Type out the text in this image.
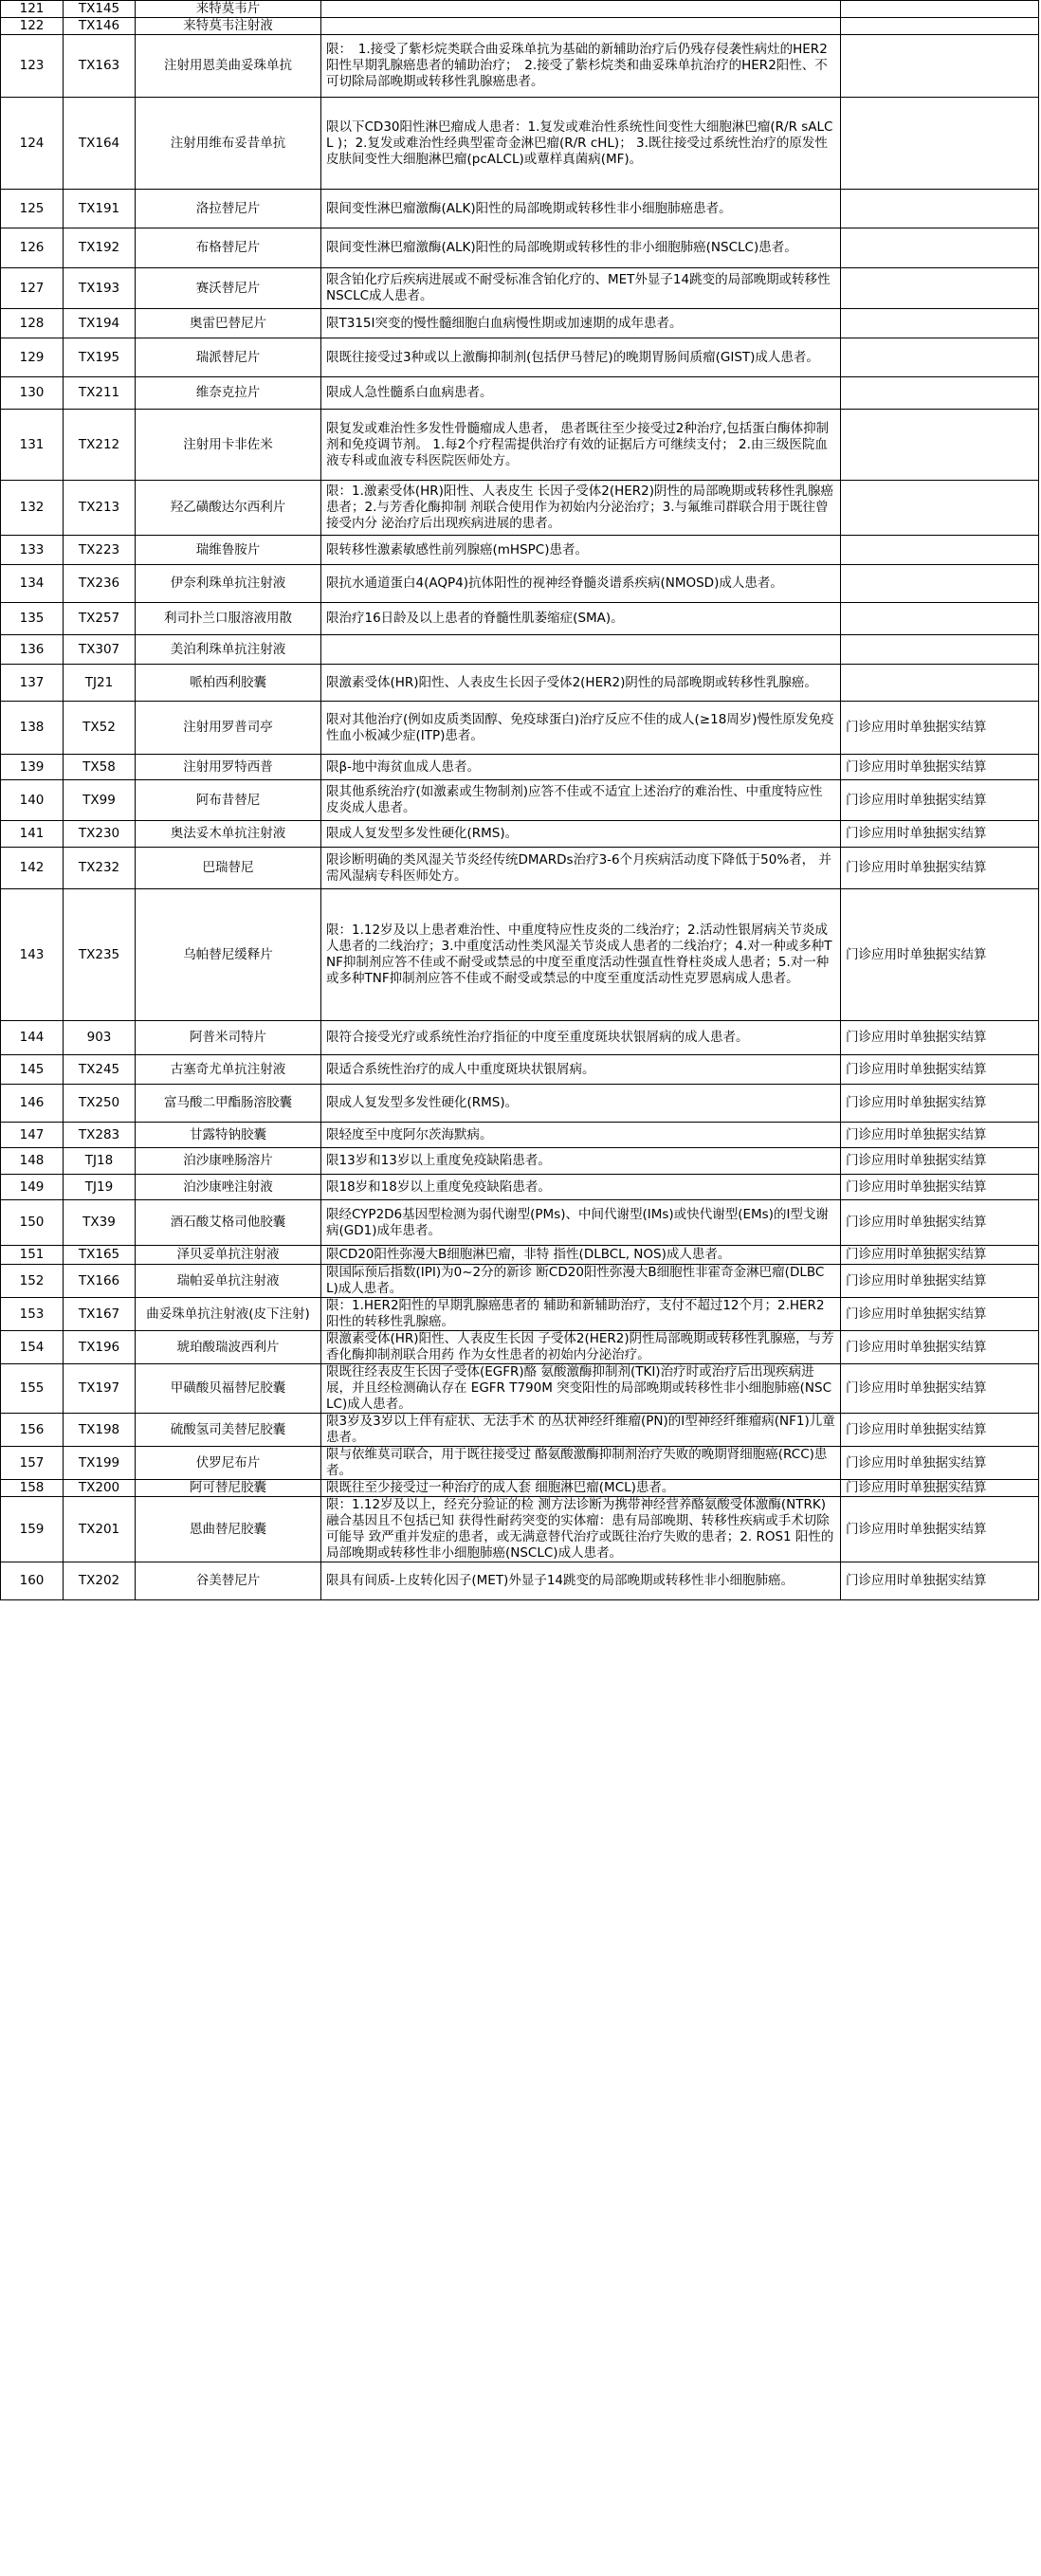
121	TX145	来特莫韦片		
122	TX146	来特莫韦注射液		
123	TX163	注射用恩美曲妥珠单抗	限：　1.接受了紫杉烷类联合曲妥珠单抗为基础的新辅助治疗后仍残存侵袭性病灶的HER2阳性早期乳腺癌患者的辅助治疗；　2.接受了紫杉烷类和曲妥珠单抗治疗的HER2阳性、不可切除局部晚期或转移性乳腺癌患者。	
124	TX164	注射用维布妥昔单抗	限以下CD30阳性淋巴瘤成人患者：1.复发或难治性系统性间变性大细胞淋巴瘤(R/R sALCL )；2.复发或难治性经典型霍奇金淋巴瘤(R/R cHL)； 3.既往接受过系统性治疗的原发性皮肤间变性大细胞淋巴瘤(pcALCL)或蕈样真菌病(MF)。	
125	TX191	洛拉替尼片	限间变性淋巴瘤激酶(ALK)阳性的局部晚期或转移性非小细胞肺癌患者。	
126	TX192	布格替尼片	限间变性淋巴瘤激酶(ALK)阳性的局部晚期或转移性的非小细胞肺癌(NSCLC)患者。	
127	TX193	赛沃替尼片	限含铂化疗后疾病进展或不耐受标准含铂化疗的、MET外显子14跳变的局部晚期或转移性NSCLC成人患者。	
128	TX194	奥雷巴替尼片	限T315I突变的慢性髓细胞白血病慢性期或加速期的成年患者。	
129	TX195	瑞派替尼片	限既往接受过3种或以上激酶抑制剂(包括伊马替尼)的晚期胃肠间质瘤(GIST)成人患者。	
130	TX211	维奈克拉片	限成人急性髓系白血病患者。	
131	TX212	注射用卡非佐米	限复发或难治性多发性骨髓瘤成人患者， 患者既往至少接受过2种治疗,包括蛋白酶体抑制剂和免疫调节剂。 1.每2个疗程需提供治疗有效的证据后方可继续支付； 2.由三级医院血液专科或血液专科医院医师处方。	
132	TX213	羟乙磺酸达尔西利片	限：1.激素受体(HR)阳性、人表皮生 长因子受体2(HER2)阴性的局部晚期或转移性乳腺癌患者；2.与芳香化酶抑制 剂联合使用作为初始内分泌治疗；3.与氟维司群联合用于既往曾接受内分 泌治疗后出现疾病进展的患者。	
133	TX223	瑞维鲁胺片	限转移性激素敏感性前列腺癌(mHSPC)患者。	
134	TX236	伊奈利珠单抗注射液	限抗水通道蛋白4(AQP4)抗体阳性的视神经脊髓炎谱系疾病(NMOSD)成人患者。	
135	TX257	利司扑兰口服溶液用散	限治疗16日龄及以上患者的脊髓性肌萎缩症(SMA)。	
136	TX307	美泊利珠单抗注射液		
137	TJ21	哌柏西利胶囊	限激素受体(HR)阳性、人表皮生长因子受体2(HER2)阴性的局部晚期或转移性乳腺癌。	
138	TX52	注射用罗普司亭	限对其他治疗(例如皮质类固醇、免疫球蛋白)治疗反应不佳的成人(≥18周岁)慢性原发免疫性血小板减少症(ITP)患者。	门诊应用时单独据实结算
139	TX58	注射用罗特西普	限β-地中海贫血成人患者。	门诊应用时单独据实结算
140	TX99	阿布昔替尼	限其他系统治疗(如激素或生物制剂)应答不佳或不适宜上述治疗的难治性、中重度特应性皮炎成人患者。	门诊应用时单独据实结算
141	TX230	奥法妥木单抗注射液	限成人复发型多发性硬化(RMS)。	门诊应用时单独据实结算
142	TX232	巴瑞替尼	限诊断明确的类风湿关节炎经传统DMARDs治疗3-6个月疾病活动度下降低于50%者， 并需风湿病专科医师处方。	门诊应用时单独据实结算
143	TX235	乌帕替尼缓释片	限：1.12岁及以上患者难治性、中重度特应性皮炎的二线治疗；2.活动性银屑病关节炎成人患者的二线治疗；3.中重度活动性类风湿关节炎成人患者的二线治疗；4.对一种或多种TNF抑制剂应答不佳或不耐受或禁忌的中度至重度活动性强直性脊柱炎成人患者；5.对一种或多种TNF抑制剂应答不佳或不耐受或禁忌的中度至重度活动性克罗恩病成人患者。	门诊应用时单独据实结算
144	903	阿普米司特片	限符合接受光疗或系统性治疗指征的中度至重度斑块状银屑病的成人患者。	门诊应用时单独据实结算
145	TX245	古塞奇尤单抗注射液	限适合系统性治疗的成人中重度斑块状银屑病。	门诊应用时单独据实结算
146	TX250	富马酸二甲酯肠溶胶囊	限成人复发型多发性硬化(RMS)。	门诊应用时单独据实结算
147	TX283	甘露特钠胶囊	限轻度至中度阿尔茨海默病。	门诊应用时单独据实结算
148	TJ18	泊沙康唑肠溶片	限13岁和13岁以上重度免疫缺陷患者。	门诊应用时单独据实结算
149	TJ19	泊沙康唑注射液	限18岁和18岁以上重度免疫缺陷患者。	门诊应用时单独据实结算
150	TX39	酒石酸艾格司他胶囊	限经CYP2D6基因型检测为弱代谢型(PMs)、中间代谢型(IMs)或快代谢型(EMs)的Ⅰ型戈谢病(GD1)成年患者。	门诊应用时单独据实结算
151	TX165	泽贝妥单抗注射液	限CD20阳性弥漫大B细胞淋巴瘤，非特 指性(DLBCL, NOS)成人患者。	门诊应用时单独据实结算
152	TX166	瑞帕妥单抗注射液	限国际预后指数(IPI)为0~2分的新诊 断CD20阳性弥漫大B细胞性非霍奇金淋巴瘤(DLBCL)成人患者。	门诊应用时单独据实结算
153	TX167	曲妥珠单抗注射液(皮下注射)	限：1.HER2阳性的早期乳腺癌患者的 辅助和新辅助治疗，支付不超过12个月；2.HER2阳性的转移性乳腺癌。	门诊应用时单独据实结算
154	TX196	琥珀酸瑞波西利片	限激素受体(HR)阳性、人表皮生长因 子受体2(HER2)阴性局部晚期或转移性乳腺癌，与芳香化酶抑制剂联合用药 作为女性患者的初始内分泌治疗。	门诊应用时单独据实结算
155	TX197	甲磺酸贝福替尼胶囊	限既往经表皮生长因子受体(EGFR)酪 氨酸激酶抑制剂(TKI)治疗时或治疗后出现疾病进展，并且经检测确认存在 EGFR T790M 突变阳性的局部晚期或转移性非小细胞肺癌(NSCLC)成人患者。	门诊应用时单独据实结算
156	TX198	硫酸氢司美替尼胶囊	限3岁及3岁以上伴有症状、无法手术 的丛状神经纤维瘤(PN)的I型神经纤维瘤病(NF1)儿童患者。	门诊应用时单独据实结算
157	TX199	伏罗尼布片	限与依维莫司联合，用于既往接受过 酪氨酸激酶抑制剂治疗失败的晚期肾细胞癌(RCC)患者。	门诊应用时单独据实结算
158	TX200	阿可替尼胶囊	限既往至少接受过一种治疗的成人套 细胞淋巴瘤(MCL)患者。	门诊应用时单独据实结算
159	TX201	恩曲替尼胶囊	限：1.12岁及以上，经充分验证的检 测方法诊断为携带神经营养酪氨酸受体激酶(NTRK)融合基因且不包括已知 获得性耐药突变的实体瘤：患有局部晚期、转移性疾病或手术切除可能导 致严重并发症的患者，或无满意替代治疗或既往治疗失败的患者；2. ROS1 阳性的局部晚期或转移性非小细胞肺癌(NSCLC)成人患者。	门诊应用时单独据实结算
160	TX202	谷美替尼片	限具有间质-上皮转化因子(MET)外显子14跳变的局部晚期或转移性非小细胞肺癌。	门诊应用时单独据实结算
